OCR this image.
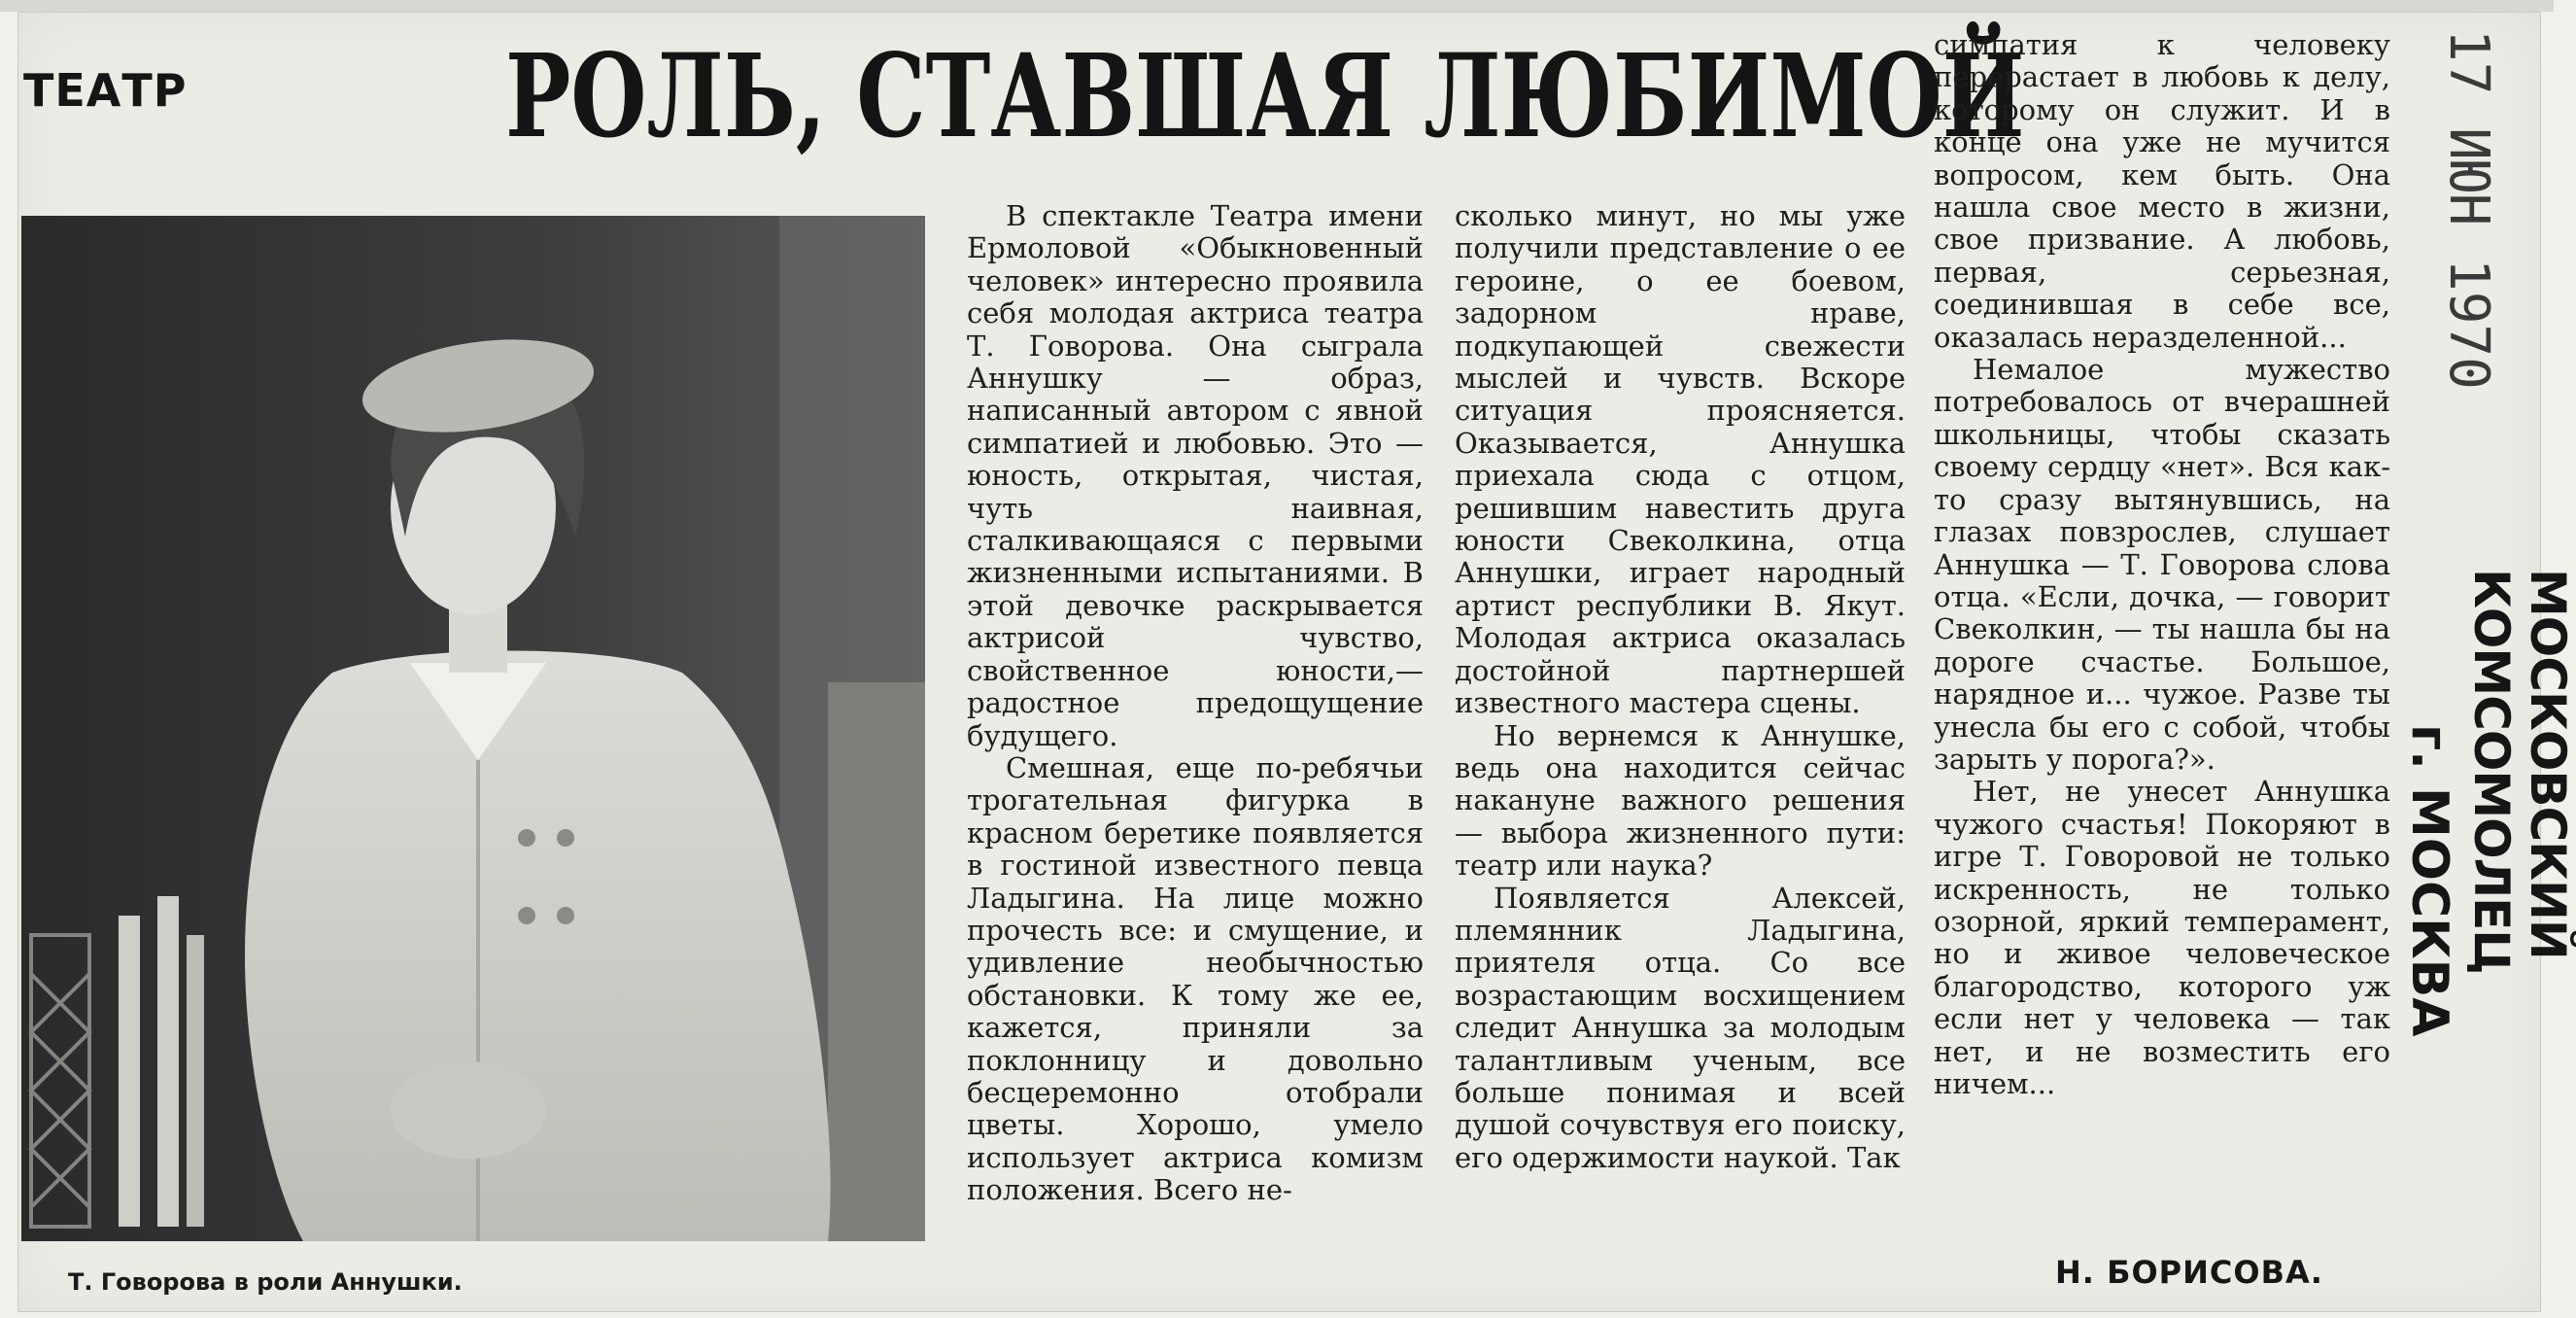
ТЕАТР	РОЛЬ, СТАВШАЯ ЛЮБИМОЙ

Т. Говорова в роли Аннушки.

В спектакле Театра имени Ермоловой «Обыкновенный человек» интересно проявила себя молодая актриса театра Т. Говорова. Она сыграла Аннушку — образ, написанный автором с явной симпатией и любовью. Это — юность, открытая, чистая, чуть наивная, сталкивающаяся с первыми жизненными испытаниями. В этой девочке раскрывается актрисой чувство, свойственное юности,—радостное предощущение будущего.

Смешная, еще по-ребячьи трогательная фигурка в красном беретике появляется в гостиной известного певца Ладыгина. На лице можно прочесть все: и смущение, и удивление необычностью обстановки. К тому же ее, кажется, приняли за поклонницу и довольно бесцеремонно отобрали цветы. Хорошо, умело использует актриса комизм положения. Всего не-

сколько минут, но мы уже получили представление о ее героине, о ее боевом, задорном нраве, подкупающей свежести мыслей и чувств. Вскоре ситуация проясняется. Оказывается, Аннушка приехала сюда с отцом, решившим навестить друга юности Свеколкина, отца Аннушки, играет народный артист республики В. Якут. Молодая актриса оказалась достойной партнершей известного мастера сцены.

Но вернемся к Аннушке, ведь она находится сейчас накануне важного решения — выбора жизненного пути: театр или наука?

Появляется Алексей, племянник Ладыгина, приятеля отца. Со все возрастающим восхищением следит Аннушка за молодым талантливым ученым, все больше понимая и всей душой сочувствуя его поиску, его одержимости наукой. Так

симпатия к человеку перерастает в любовь к делу, которому он служит. И в конце она уже не мучится вопросом, кем быть. Она нашла свое место в жизни, свое призвание. А любовь, первая, серьезная, соединившая в себе все, оказалась неразделенной...

Немалое мужество потребовалось от вчерашней школьницы, чтобы сказать своему сердцу «нет». Вся как-то сразу вытянувшись, на глазах повзрослев, слушает Аннушка — Т. Говорова слова отца. «Если, дочка, — говорит Свеколкин, — ты нашла бы на дороге счастье. Большое, нарядное и... чужое. Разве ты унесла бы его с собой, чтобы зарыть у порога?».

Нет, не унесет Аннушка чужого счастья! Покоряют в игре Т. Говоровой не только искренность, не только озорной, яркий темперамент, но и живое человеческое благородство, которого уж если нет у человека — так нет, и не возместить его ничем...

Н. БОРИСОВА.

17 ИЮН 1970

МОСКОВСКИЙ КОМСОМОЛЕЦ

г. МОСКВА
